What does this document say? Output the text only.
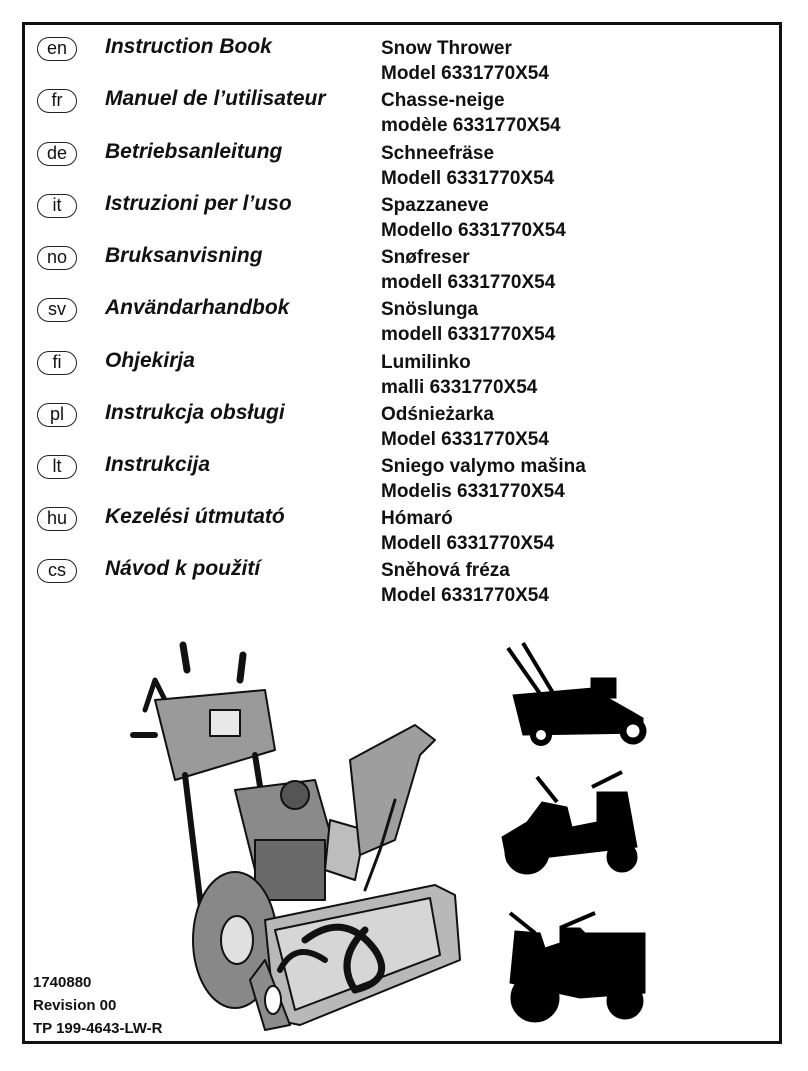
en	Instruction Book	Snow Thrower
Model 6331770X54
fr	Manuel de l’utilisateur	Chasse-neige
modèle 6331770X54
de	Betriebsanleitung	Schneefräse
Modell 6331770X54
it	Istruzioni per l’uso	Spazzaneve
Modello 6331770X54
no	Bruksanvisning	Snøfreser
modell 6331770X54
sv	Användarhandbok	Snöslunga
modell 6331770X54
fi	Ohjekirja	Lumilinko
malli 6331770X54
pl	Instrukcja obsługi	Odśnieżarka
Model 6331770X54
lt	Instrukcija	Sniego valymo mašina
Modelis 6331770X54
hu	Kezelési útmutató	Hómaró
Modell 6331770X54
cs	Návod k použití	Sněhová fréza
Model 6331770X54
1740880
Revision 00
TP 199-4643-LW-R
